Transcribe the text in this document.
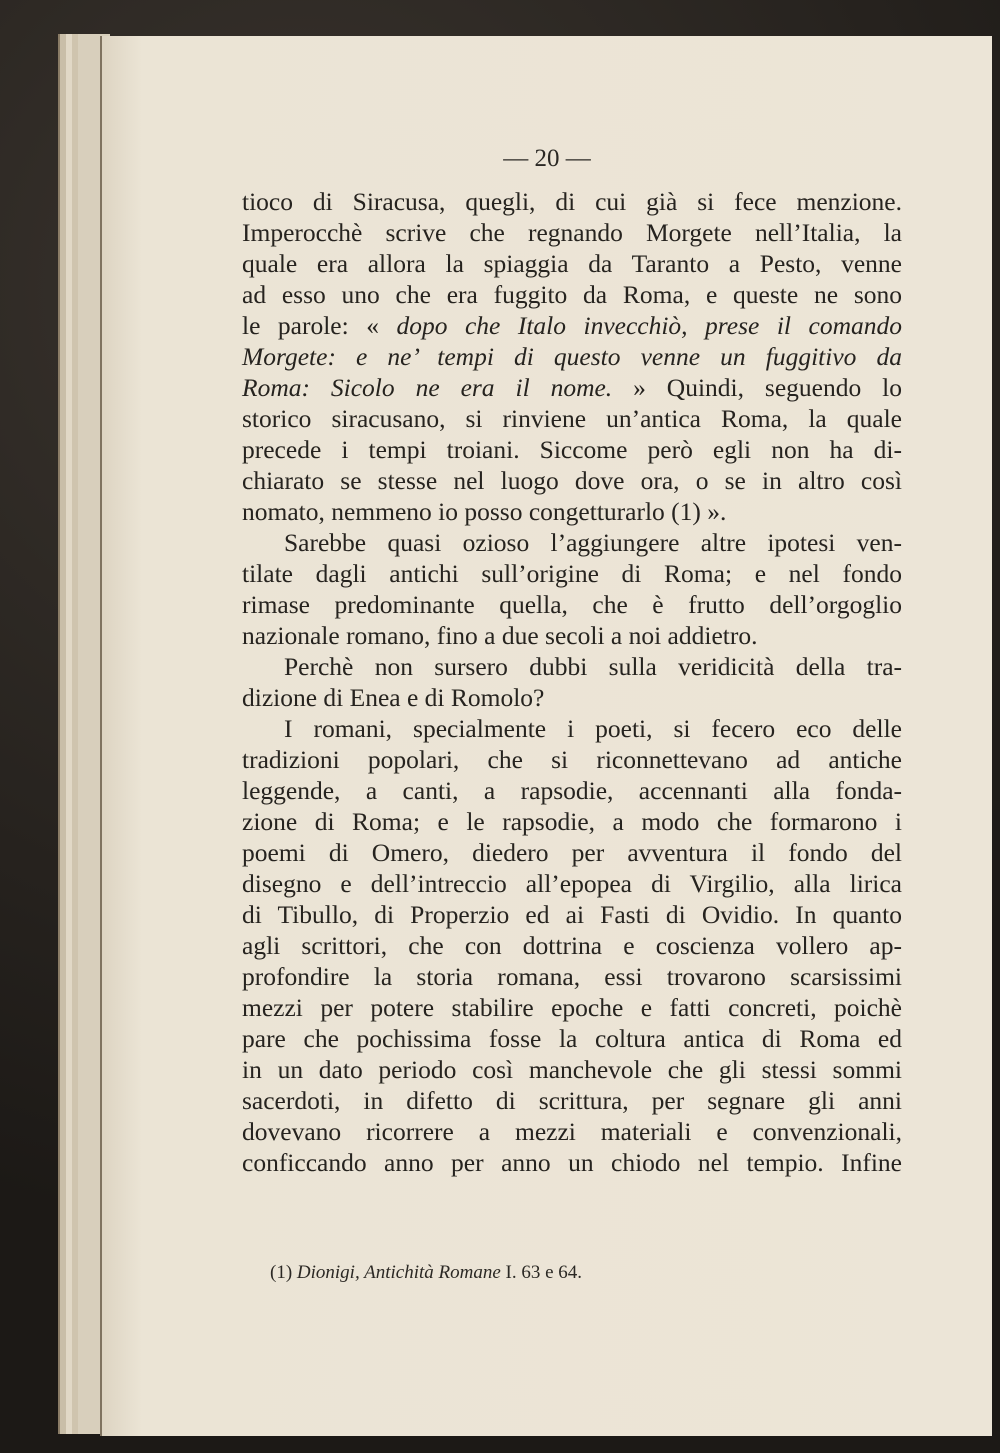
— 20 —
tioco di Siracusa, quegli, di cui già si fece menzione.
Imperocchè scrive che regnando Morgete nell’Italia, la
quale era allora la spiaggia da Taranto a Pesto, venne
ad esso uno che era fuggito da Roma, e queste ne sono
le parole: « dopo che Italo invecchiò, prese il comando
Morgete: e ne’ tempi di questo venne un fuggitivo da
Roma: Sicolo ne era il nome. » Quindi, seguendo lo
storico siracusano, si rinviene un’antica Roma, la quale
precede i tempi troiani. Siccome però egli non ha di-
chiarato se stesse nel luogo dove ora, o se in altro così
nomato, nemmeno io posso congetturarlo (1) ».
Sarebbe quasi ozioso l’aggiungere altre ipotesi ven-
tilate dagli antichi sull’origine di Roma; e nel fondo
rimase predominante quella, che è frutto dell’orgoglio
nazionale romano, fino a due secoli a noi addietro.
Perchè non sursero dubbi sulla veridicità della tra-
dizione di Enea e di Romolo?
I romani, specialmente i poeti, si fecero eco delle
tradizioni popolari, che si riconnettevano ad antiche
leggende, a canti, a rapsodie, accennanti alla fonda-
zione di Roma; e le rapsodie, a modo che formarono i
poemi di Omero, diedero per avventura il fondo del
disegno e dell’intreccio all’epopea di Virgilio, alla lirica
di Tibullo, di Properzio ed ai Fasti di Ovidio. In quanto
agli scrittori, che con dottrina e coscienza vollero ap-
profondire la storia romana, essi trovarono scarsissimi
mezzi per potere stabilire epoche e fatti concreti, poichè
pare che pochissima fosse la coltura antica di Roma ed
in un dato periodo così manchevole che gli stessi sommi
sacerdoti, in difetto di scrittura, per segnare gli anni
dovevano ricorrere a mezzi materiali e convenzionali,
conficcando anno per anno un chiodo nel tempio. Infine
(1) Dionigi, Antichità Romane I. 63 e 64.
